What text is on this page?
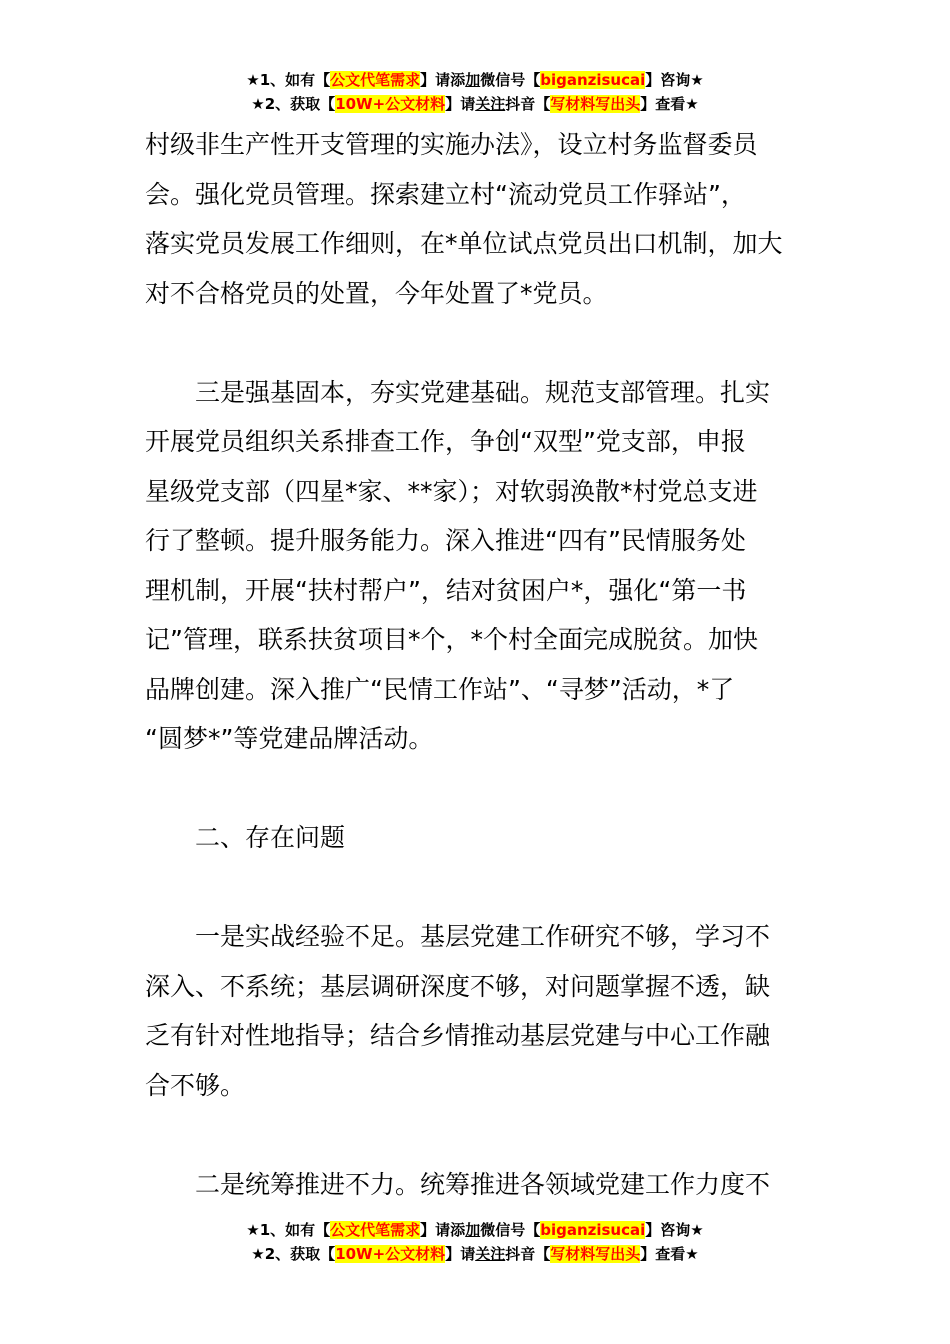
★1、如有【公文代笔需求】请添加微信号【biganzisucai】咨询★
★2、获取【10W+公文材料】请关注抖音【写材料写出头】查看★
村级非生产性开支管理的实施办法》，设立村务监督委员
会。强化党员管理。探索建立村“流动党员工作驿站”，
落实党员发展工作细则，在*单位试点党员出口机制，加大
对不合格党员的处置，今年处置了*党员。
三是强基固本，夯实党建基础。规范支部管理。扎实
开展党员组织关系排查工作，争创“双型”党支部，申报
星级党支部（四星*家、**家）；对软弱涣散*村党总支进
行了整顿。提升服务能力。深入推进“四有”民情服务处
理机制，开展“扶村帮户”，结对贫困户*，强化“第一书
记”管理，联系扶贫项目*个，*个村全面完成脱贫。加快
品牌创建。深入推广“民情工作站”、“寻梦”活动，*了
“圆梦*”等党建品牌活动。
二、存在问题
一是实战经验不足。基层党建工作研究不够，学习不
深入、不系统；基层调研深度不够，对问题掌握不透，缺
乏有针对性地指导；结合乡情推动基层党建与中心工作融
合不够。
二是统筹推进不力。统筹推进各领域党建工作力度不
★1、如有【公文代笔需求】请添加微信号【biganzisucai】咨询★
★2、获取【10W+公文材料】请关注抖音【写材料写出头】查看★
